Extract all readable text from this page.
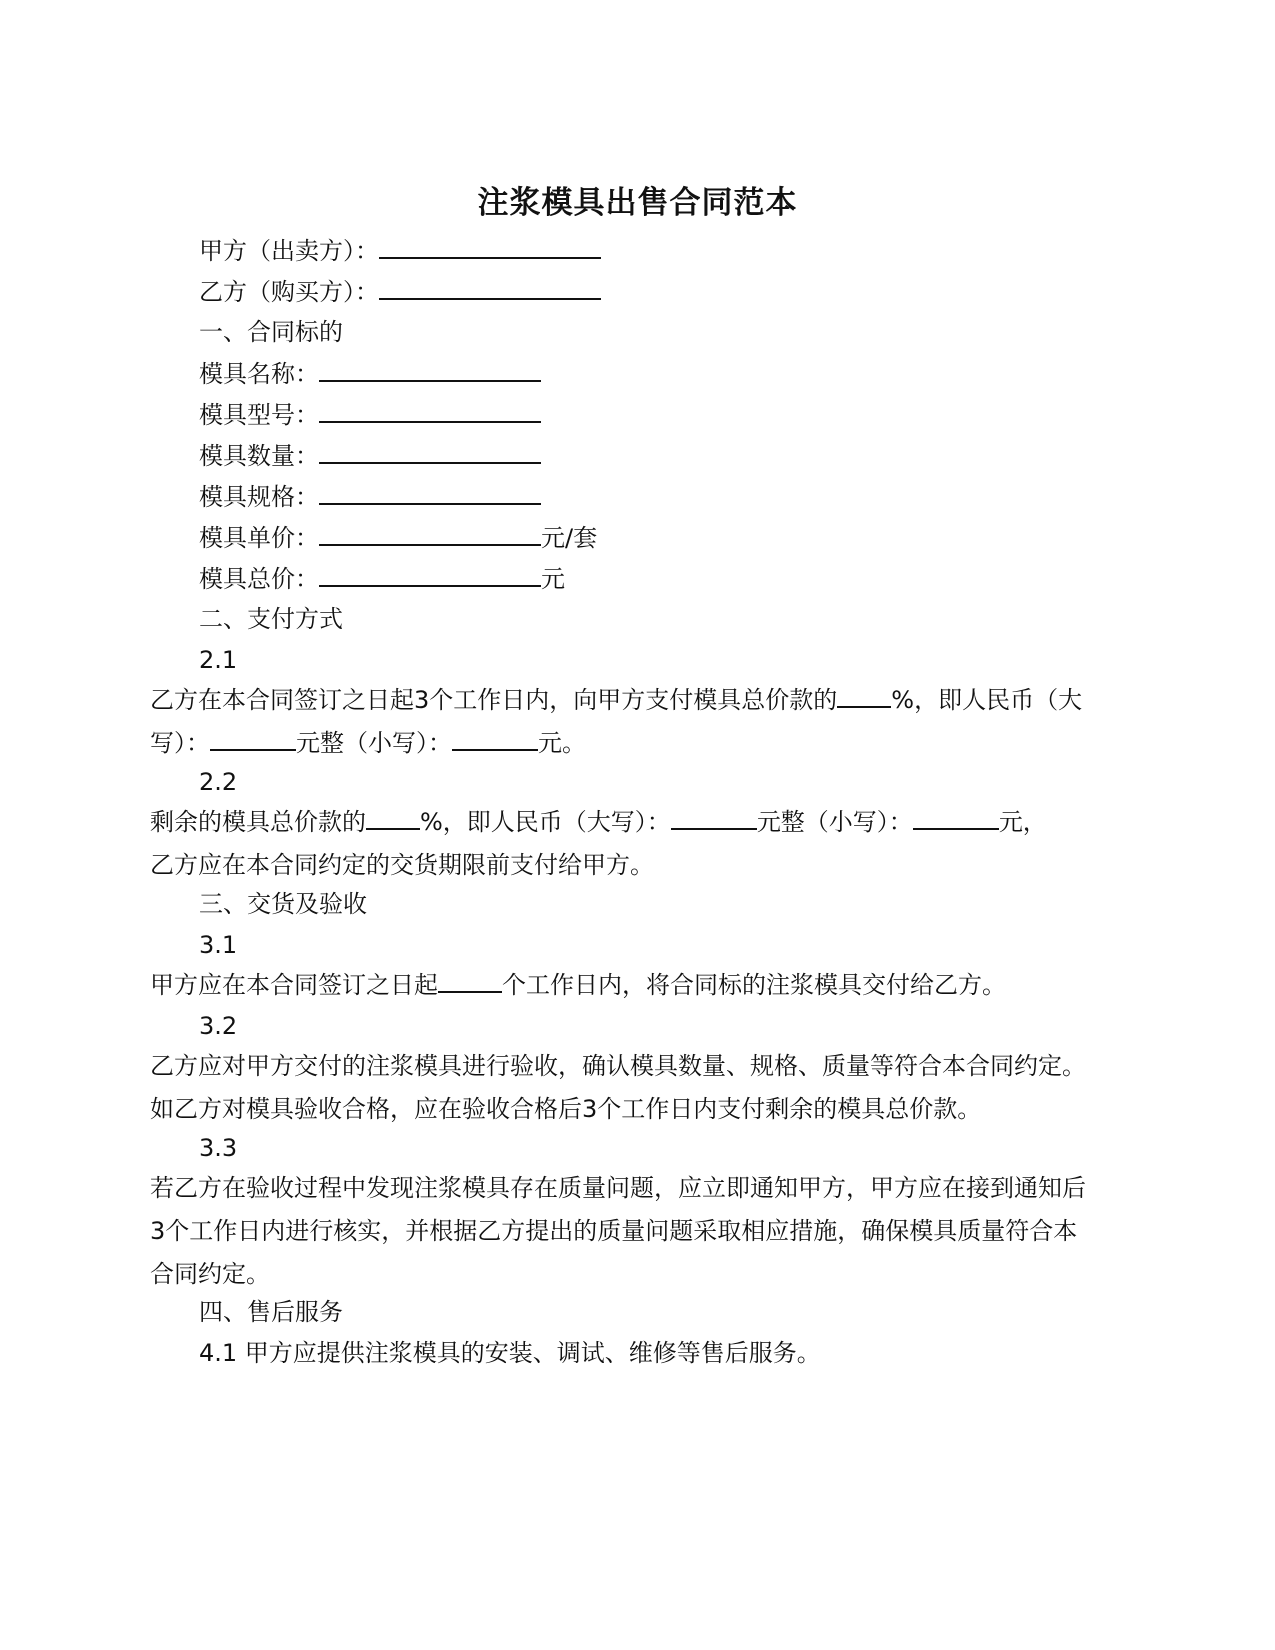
注浆模具出售合同范本
甲方（出卖方）：
乙方（购买方）：
一、合同标的
模具名称：
模具型号：
模具数量：
模具规格：
模具单价：	元/套
模具总价：	元
二、支付方式
2.1
乙方在本合同签订之日起3个工作日内，向甲方支付模具总价款的 %，即人民币（大
写）：	元整（小写）：	元。
2.2
剩余的模具总价款的 %，即人民币（大写）：	元整（小写）：	元，
乙方应在本合同约定的交货期限前支付给甲方。
三、交货及验收
3.1
甲方应在本合同签订之日起	个工作日内，将合同标的注浆模具交付给乙方。
3.2
乙方应对甲方交付的注浆模具进行验收，确认模具数量、规格、质量等符合本合同约定。
如乙方对模具验收合格，应在验收合格后3个工作日内支付剩余的模具总价款。
3.3
若乙方在验收过程中发现注浆模具存在质量问题，应立即通知甲方，甲方应在接到通知后
3个工作日内进行核实，并根据乙方提出的质量问题采取相应措施，确保模具质量符合本
合同约定。
四、售后服务
4.1 甲方应提供注浆模具的安装、调试、维修等售后服务。
